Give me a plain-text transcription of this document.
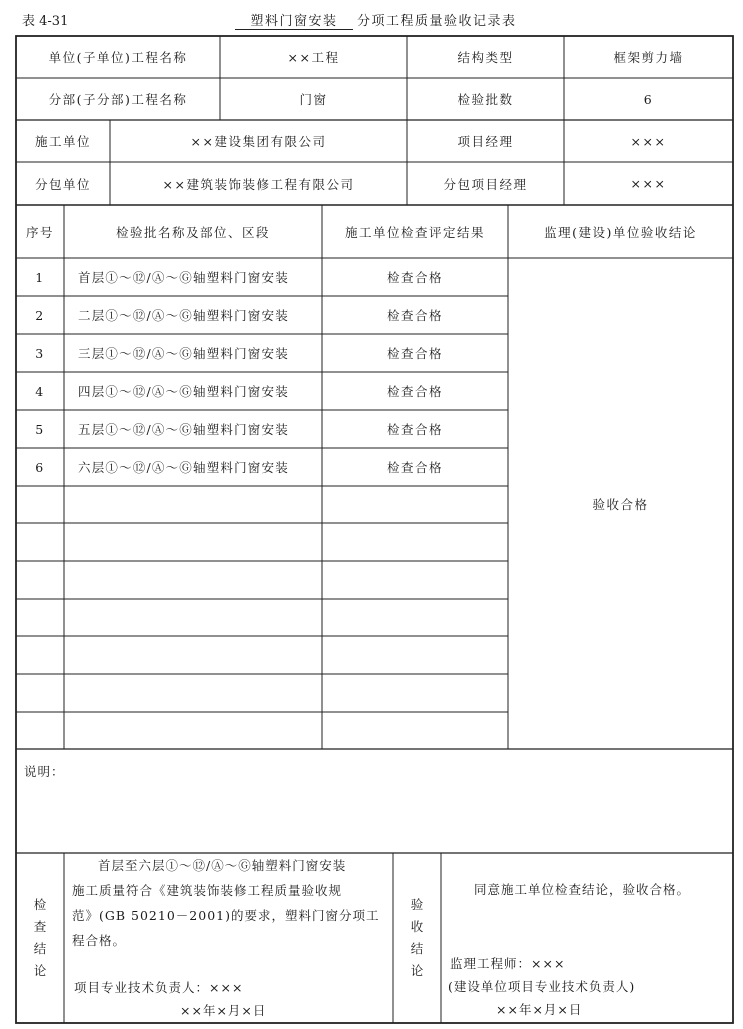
表 4-31	塑料门窗安装 分项工程质量验收记录表
单位(子单位)工程名称	××工程	结构类型	框架剪力墙
分部(子分部)工程名称	门窗	检验批数	6
施工单位	××建设集团有限公司	项目经理	×××
分包单位	××建筑装饰装修工程有限公司	分包项目经理	×××
序号	检验批名称及部位、区段	施工单位检查评定结果	监理(建设)单位验收结论
1	首层①～⑫/Ⓐ～Ⓖ轴塑料门窗安装	检查合格
2	二层①～⑫/Ⓐ～Ⓖ轴塑料门窗安装	检查合格
3	三层①～⑫/Ⓐ～Ⓖ轴塑料门窗安装	检查合格
4	四层①～⑫/Ⓐ～Ⓖ轴塑料门窗安装	检查合格
5	五层①～⑫/Ⓐ～Ⓖ轴塑料门窗安装	检查合格
6	六层①～⑫/Ⓐ～Ⓖ轴塑料门窗安装	检查合格
验收合格
说明：
检
查
结
论
首层至六层①～⑫/Ⓐ～Ⓖ轴塑料门窗安装
施工质量符合《建筑装饰装修工程质量验收规
范》(GB 50210－2001)的要求，塑料门窗分项工
程合格。
项目专业技术负责人：×××
××年×月×日
验
收
结
论
同意施工单位检查结论，验收合格。
监理工程师：×××
(建设单位项目专业技术负责人)
××年×月×日
